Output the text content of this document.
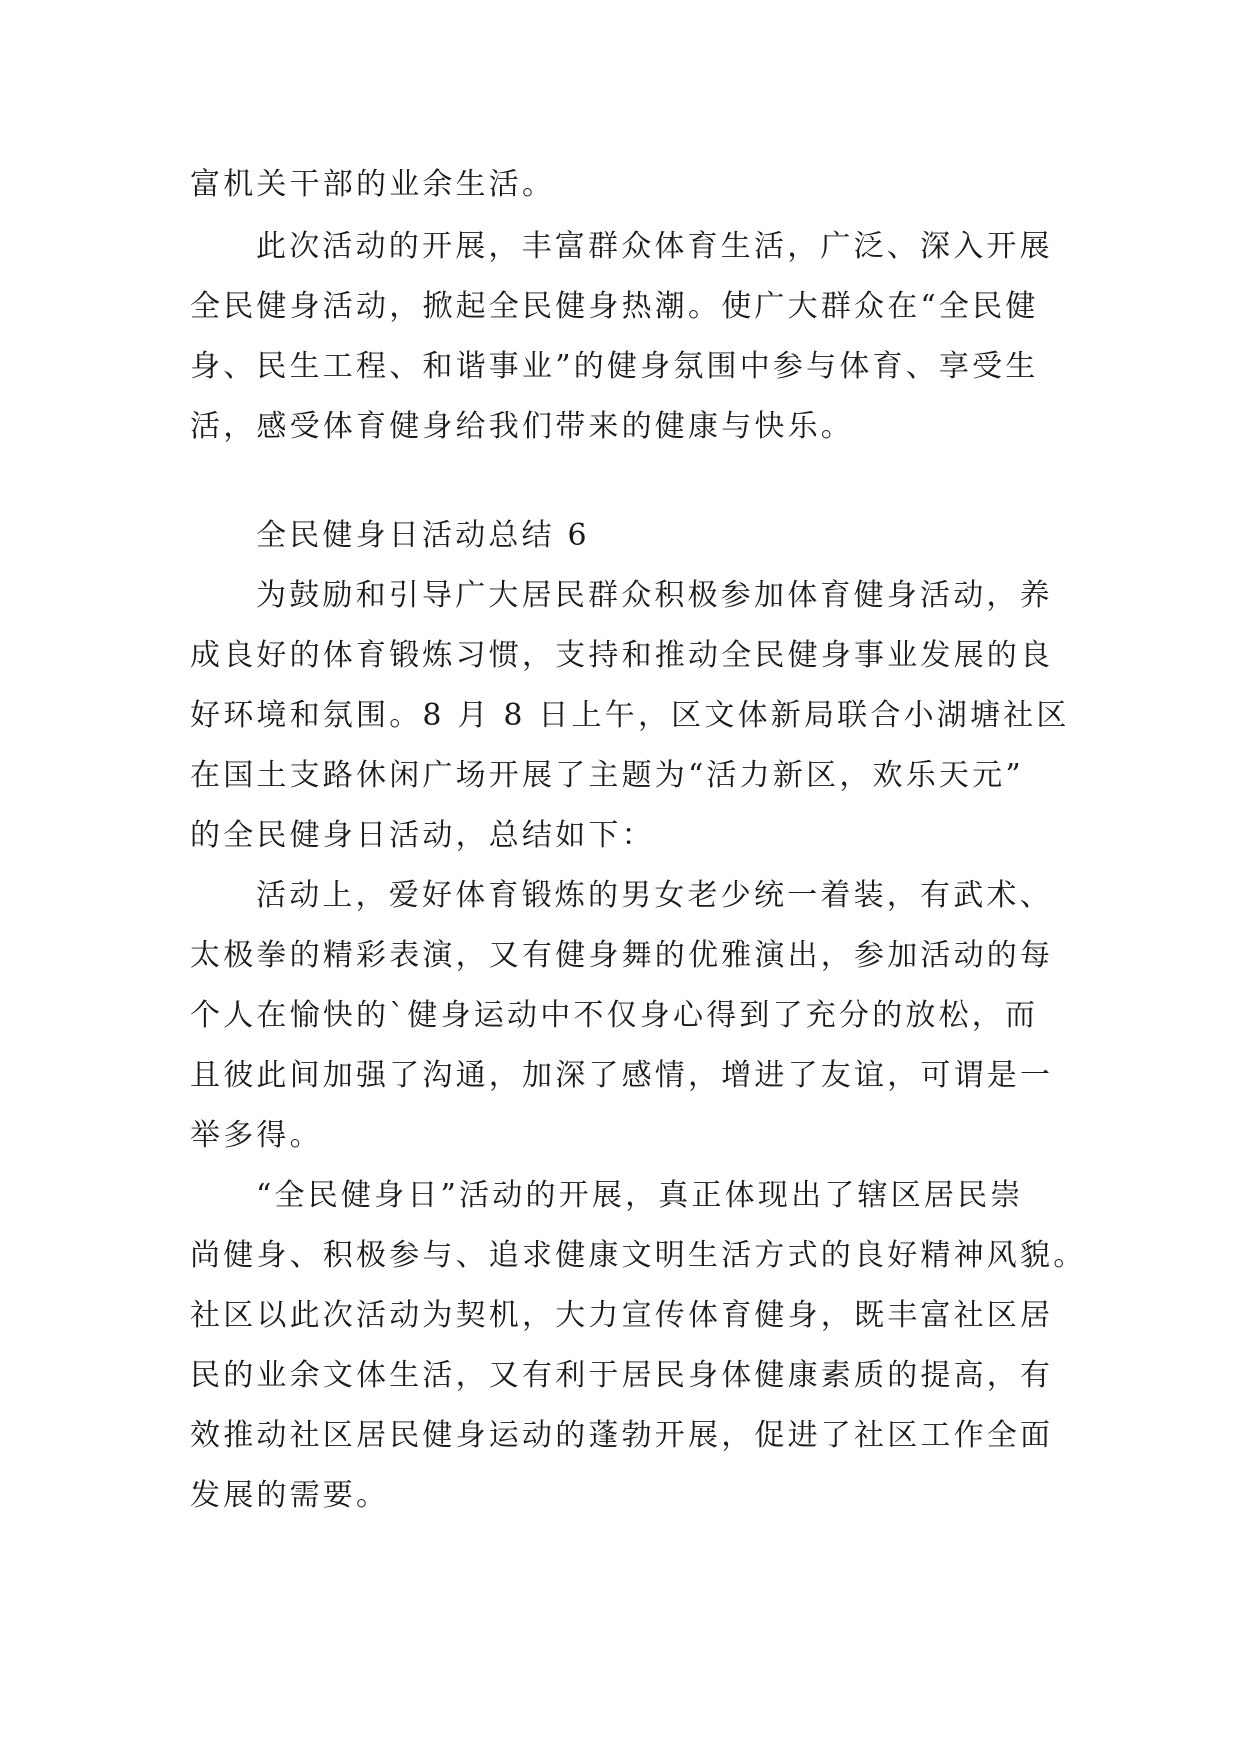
富机关干部的业余生活。
此次活动的开展，丰富群众体育生活，广泛、深入开展
全民健身活动，掀起全民健身热潮。使广大群众在“全民健
身、民生工程、和谐事业”的健身氛围中参与体育、享受生
活，感受体育健身给我们带来的健康与快乐。
全民健身日活动总结 6
为鼓励和引导广大居民群众积极参加体育健身活动，养
成良好的体育锻炼习惯，支持和推动全民健身事业发展的良
好环境和氛围。8 月 8 日上午，区文体新局联合小湖塘社区
在国土支路休闲广场开展了主题为“活力新区，欢乐天元”
的全民健身日活动，总结如下：
活动上，爱好体育锻炼的男女老少统一着装，有武术、
太极拳的精彩表演，又有健身舞的优雅演出，参加活动的每
个人在愉快的`健身运动中不仅身心得到了充分的放松，而
且彼此间加强了沟通，加深了感情，增进了友谊，可谓是一
举多得。
“全民健身日”活动的开展，真正体现出了辖区居民崇
尚健身、积极参与、追求健康文明生活方式的良好精神风貌。
社区以此次活动为契机，大力宣传体育健身，既丰富社区居
民的业余文体生活，又有利于居民身体健康素质的提高，有
效推动社区居民健身运动的蓬勃开展，促进了社区工作全面
发展的需要。
